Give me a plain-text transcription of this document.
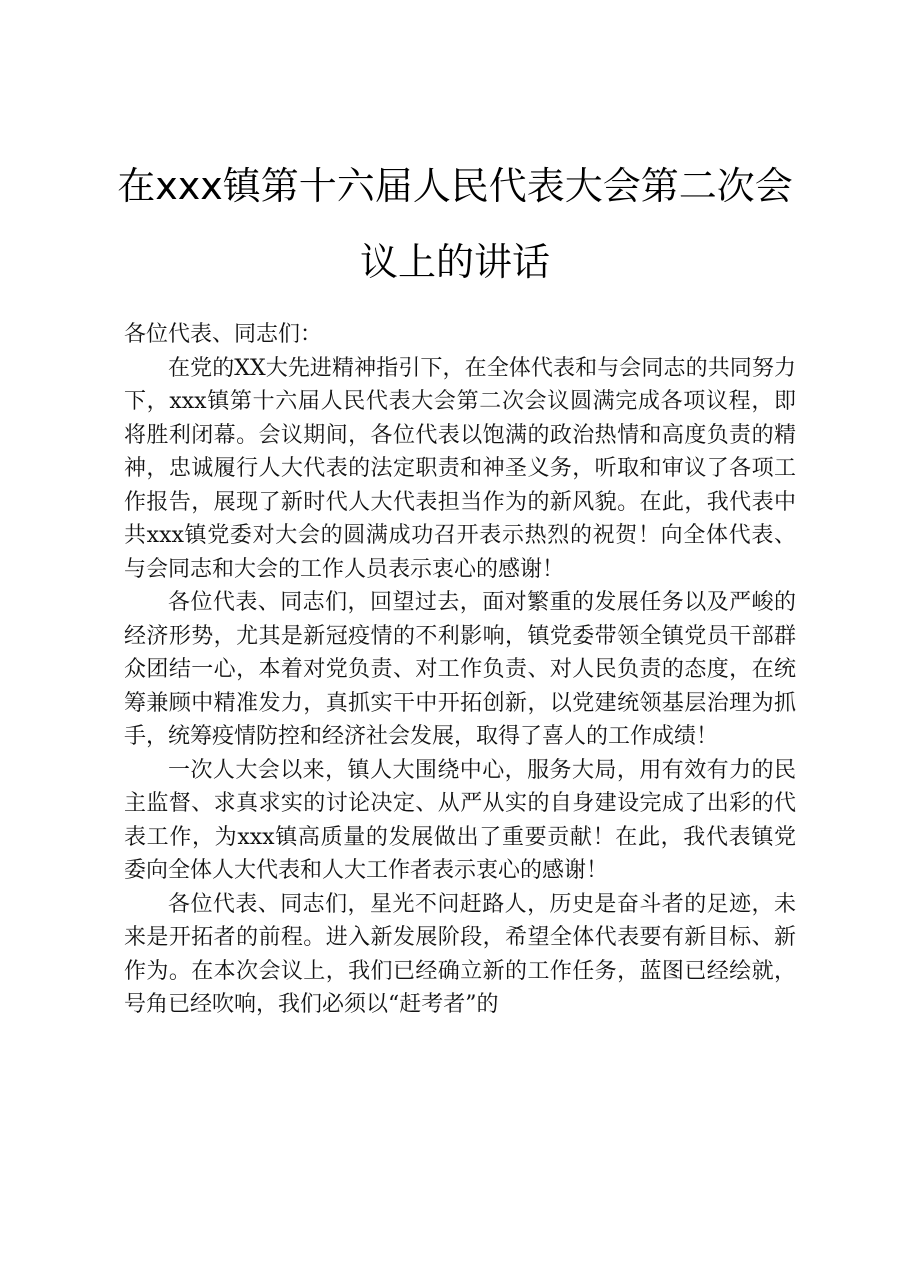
在xxx镇第十六届人民代表大会第二次会议上的讲话

各位代表、同志们：

在党的XX大先进精神指引下，在全体代表和与会同志的共同努力下，xxx镇第十六届人民代表大会第二次会议圆满完成各项议程，即将胜利闭幕。会议期间，各位代表以饱满的政治热情和高度负责的精神，忠诚履行人大代表的法定职责和神圣义务，听取和审议了各项工作报告，展现了新时代人大代表担当作为的新风貌。在此，我代表中共xxx镇党委对大会的圆满成功召开表示热烈的祝贺！向全体代表、与会同志和大会的工作人员表示衷心的感谢！

各位代表、同志们，回望过去，面对繁重的发展任务以及严峻的经济形势，尤其是新冠疫情的不利影响，镇党委带领全镇党员干部群众团结一心，本着对党负责、对工作负责、对人民负责的态度，在统筹兼顾中精准发力，真抓实干中开拓创新，以党建统领基层治理为抓手，统筹疫情防控和经济社会发展，取得了喜人的工作成绩！

一次人大会以来，镇人大围绕中心，服务大局，用有效有力的民主监督、求真求实的讨论决定、从严从实的自身建设完成了出彩的代表工作，为xxx镇高质量的发展做出了重要贡献！在此，我代表镇党委向全体人大代表和人大工作者表示衷心的感谢！

各位代表、同志们，星光不问赶路人，历史是奋斗者的足迹，未来是开拓者的前程。进入新发展阶段，希望全体代表要有新目标、新作为。在本次会议上，我们已经确立新的工作任务，蓝图已经绘就，号角已经吹响，我们必须以“赶考者”的
